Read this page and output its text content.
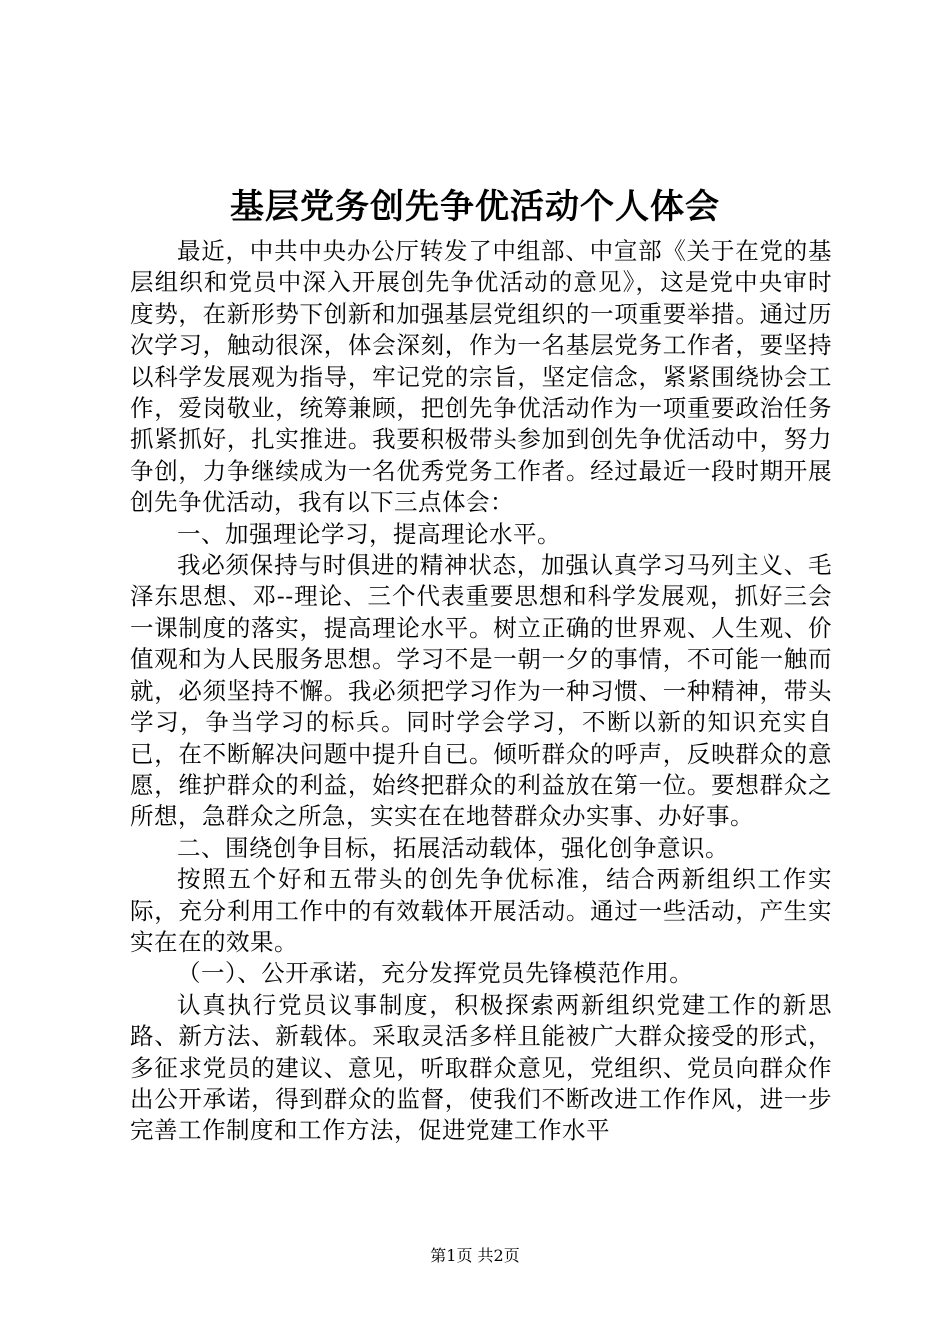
基层党务创先争优活动个人体会

最近，中共中央办公厅转发了中组部、中宣部《关于在党的基层组织和党员中深入开展创先争优活动的意见》，这是党中央审时度势，在新形势下创新和加强基层党组织的一项重要举措。通过历次学习，触动很深，体会深刻，作为一名基层党务工作者，要坚持以科学发展观为指导，牢记党的宗旨，坚定信念，紧紧围绕协会工作，爱岗敬业，统筹兼顾，把创先争优活动作为一项重要政治任务抓紧抓好，扎实推进。我要积极带头参加到创先争优活动中，努力争创，力争继续成为一名优秀党务工作者。经过最近一段时期开展创先争优活动，我有以下三点体会：

一、加强理论学习，提高理论水平。

我必须保持与时俱进的精神状态，加强认真学习马列主义、毛泽东思想、邓--理论、三个代表重要思想和科学发展观，抓好三会一课制度的落实，提高理论水平。树立正确的世界观、人生观、价值观和为人民服务思想。学习不是一朝一夕的事情，不可能一触而就，必须坚持不懈。我必须把学习作为一种习惯、一种精神，带头学习，争当学习的标兵。同时学会学习，不断以新的知识充实自已，在不断解决问题中提升自已。倾听群众的呼声，反映群众的意愿，维护群众的利益，始终把群众的利益放在第一位。要想群众之所想，急群众之所急，实实在在地替群众办实事、办好事。

二、围绕创争目标，拓展活动载体，强化创争意识。

按照五个好和五带头的创先争优标准，结合两新组织工作实际，充分利用工作中的有效载体开展活动。通过一些活动，产生实实在在的效果。

（一）、公开承诺，充分发挥党员先锋模范作用。

认真执行党员议事制度，积极探索两新组织党建工作的新思路、新方法、新载体。采取灵活多样且能被广大群众接受的形式，多征求党员的建议、意见，听取群众意见，党组织、党员向群众作出公开承诺，得到群众的监督，使我们不断改进工作作风，进一步完善工作制度和工作方法，促进党建工作水平

第1页 共2页
